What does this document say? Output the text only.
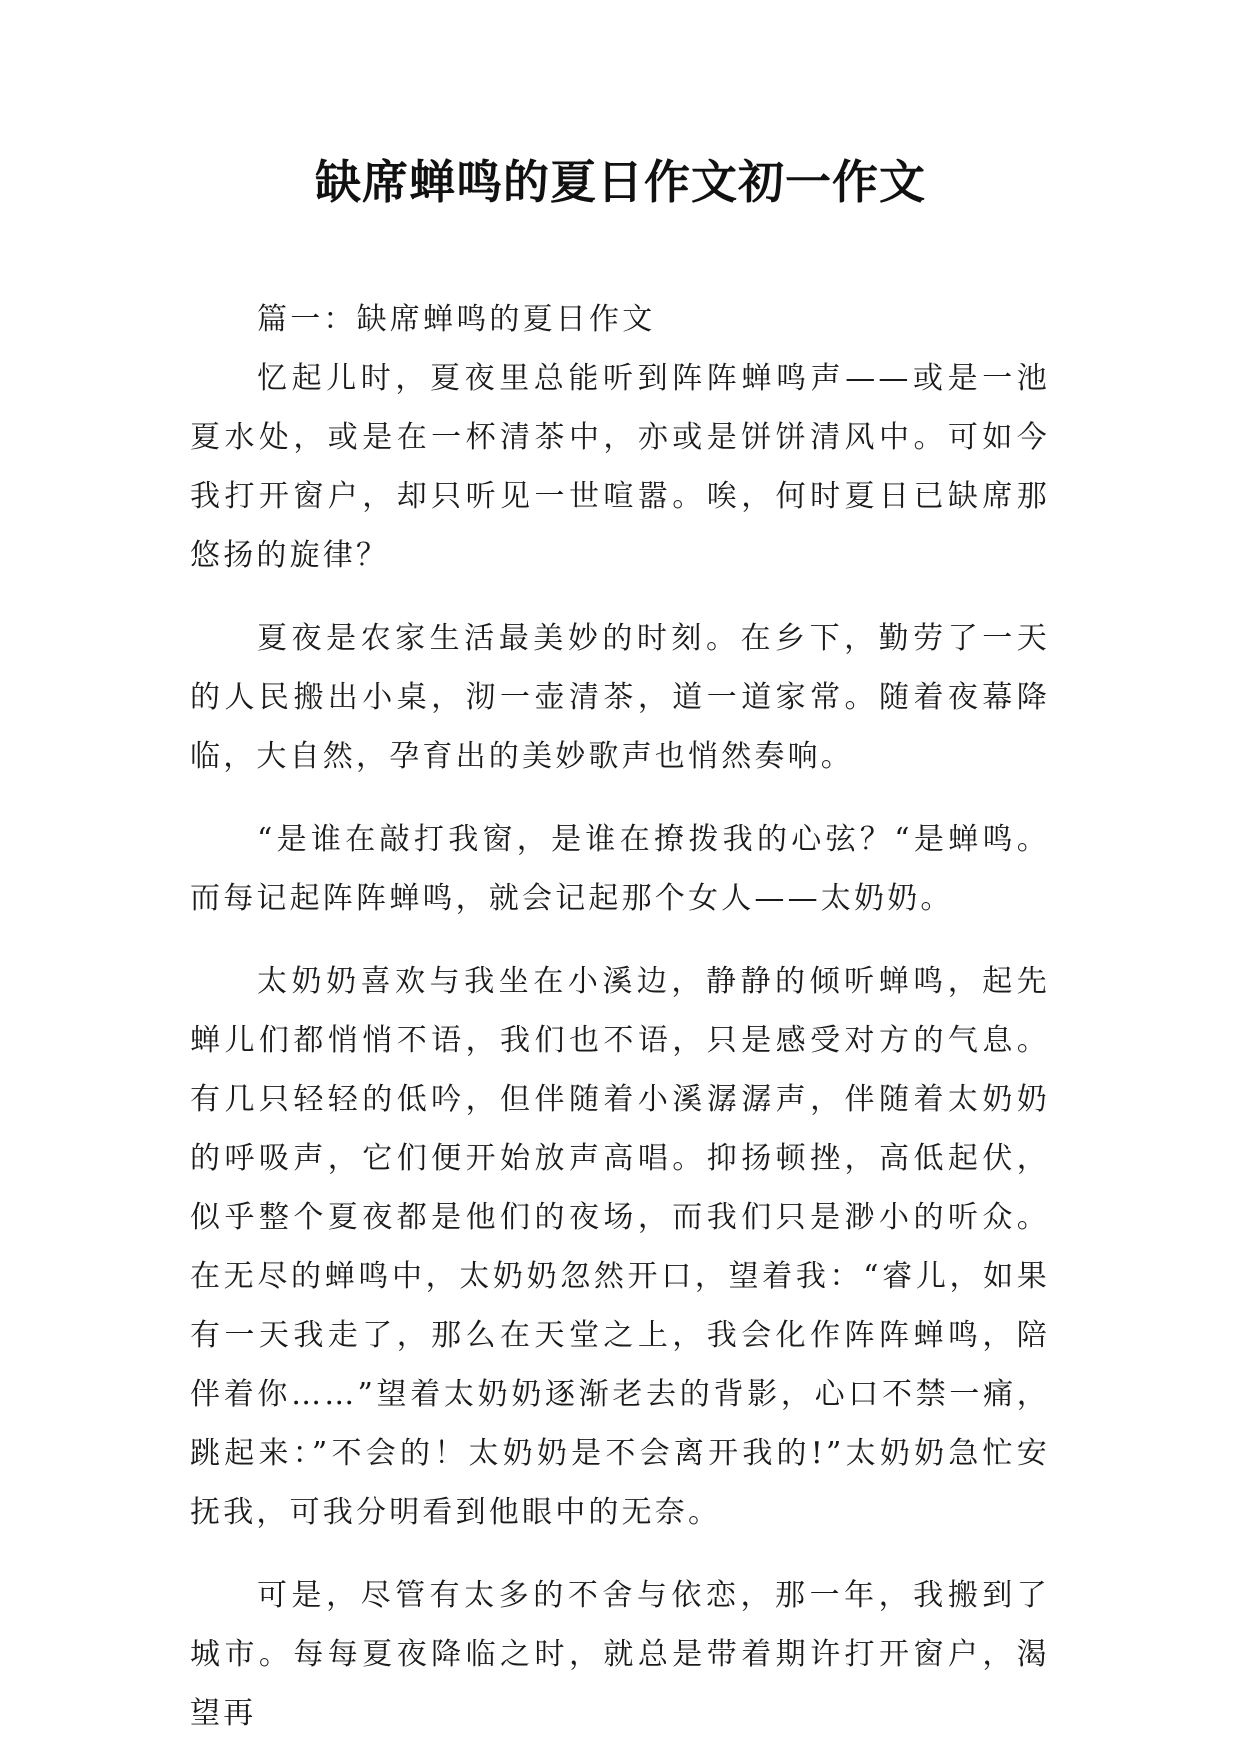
缺席蝉鸣的夏日作文初一作文

篇一：缺席蝉鸣的夏日作文

忆起儿时，夏夜里总能听到阵阵蝉鸣声——或是一池夏水处，或是在一杯清茶中，亦或是饼饼清风中。可如今我打开窗户，却只听见一世喧嚣。唉，何时夏日已缺席那悠扬的旋律？

夏夜是农家生活最美妙的时刻。在乡下，勤劳了一天的人民搬出小桌，沏一壶清茶，道一道家常。随着夜幕降临，大自然，孕育出的美妙歌声也悄然奏响。

“是谁在敲打我窗，是谁在撩拨我的心弦？“是蝉鸣。而每记起阵阵蝉鸣，就会记起那个女人——太奶奶。

太奶奶喜欢与我坐在小溪边，静静的倾听蝉鸣，起先蝉儿们都悄悄不语，我们也不语，只是感受对方的气息。有几只轻轻的低吟，但伴随着小溪潺潺声，伴随着太奶奶的呼吸声，它们便开始放声高唱。抑扬顿挫，高低起伏，似乎整个夏夜都是他们的夜场，而我们只是渺小的听众。在无尽的蝉鸣中，太奶奶忽然开口，望着我：“睿儿，如果有一天我走了，那么在天堂之上，我会化作阵阵蝉鸣，陪伴着你……”望着太奶奶逐渐老去的背影，心口不禁一痛，跳起来：”不会的！太奶奶是不会离开我的!”太奶奶急忙安抚我，可我分明看到他眼中的无奈。

可是，尽管有太多的不舍与依恋，那一年，我搬到了城市。每每夏夜降临之时，就总是带着期许打开窗户，渴望再
